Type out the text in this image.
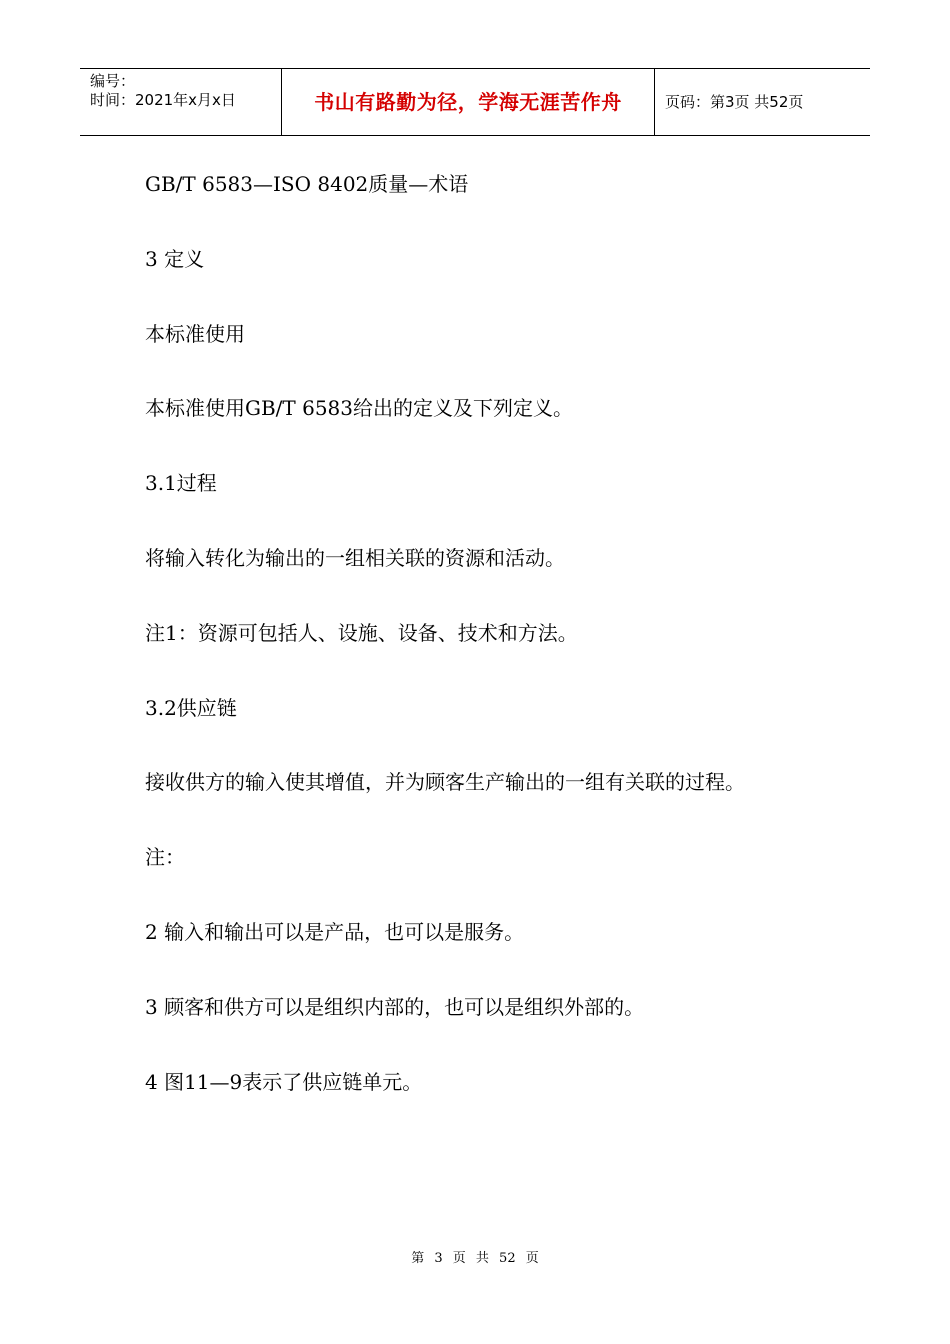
编号：
时间：2021年x月x日	书山有路勤为径，学海无涯苦作舟	页码：第3页 共52页
GB/T 6583—ISO 8402质量—术语
3 定义
本标准使用
本标准使用GB/T 6583给出的定义及下列定义。
3.1过程
将输入转化为输出的一组相关联的资源和活动。
注1：资源可包括人、设施、设备、技术和方法。
3.2供应链
接收供方的输入使其增值，并为顾客生产输出的一组有关联的过程。
注：
2 输入和输出可以是产品，也可以是服务。
3 顾客和供方可以是组织内部的，也可以是组织外部的。
4 图11—9表示了供应链单元。
第 3 页 共 52 页
